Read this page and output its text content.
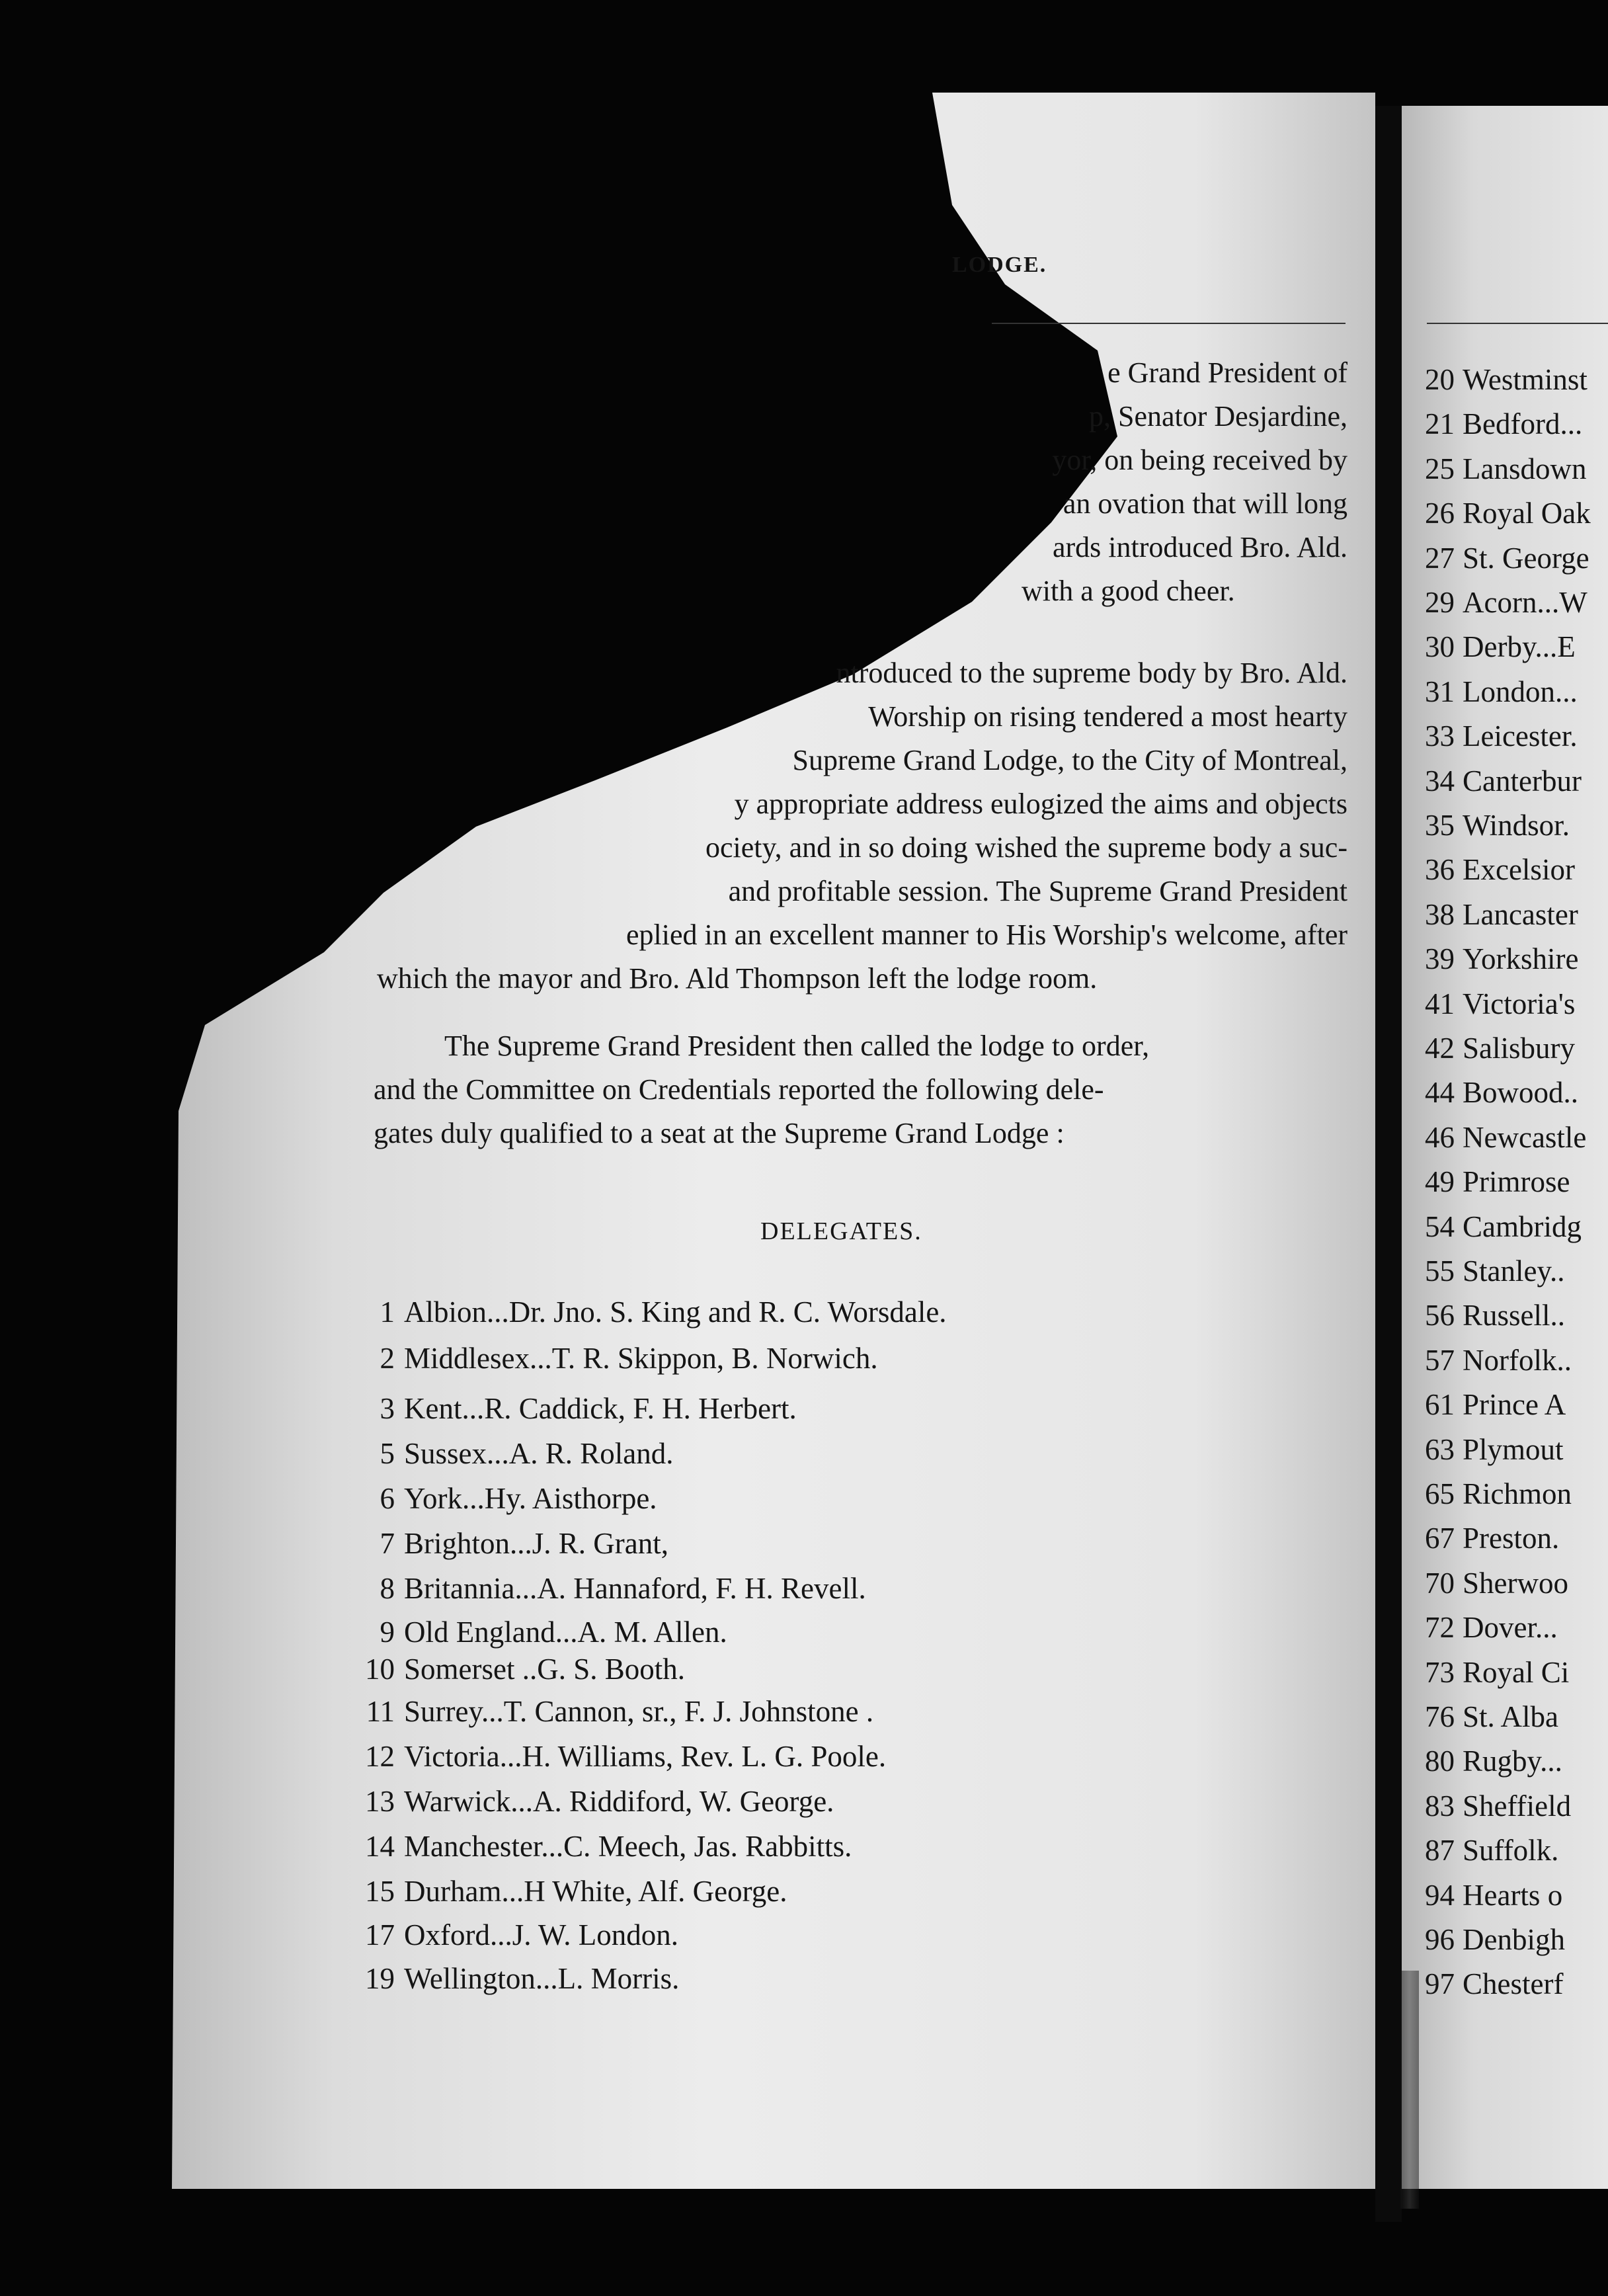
LODGE.

e Grand President of

p, Senator Desjardine,

yor, on being received by

an ovation that will long

ards introduced Bro. Ald.

with a good cheer.

ntroduced to the supreme body by Bro. Ald.

Worship on rising tendered a most hearty

Supreme Grand Lodge, to the City of Montreal,

y appropriate address eulogized the aims and objects

ociety, and in so doing wished the supreme body a suc-

and profitable session. The Supreme Grand President

eplied in an excellent manner to His Worship's welcome, after

which the mayor and Bro. Ald Thompson left the lodge room.

The Supreme Grand President then called the lodge to order,

and the Committee on Credentials reported the following dele-

gates duly qualified to a seat at the Supreme Grand Lodge :

DELEGATES.

1 Albion...Dr. Jno. S. King and R. C. Worsdale.
2 Middlesex...T. R. Skippon, B. Norwich.
3 Kent...R. Caddick, F. H. Herbert.
5 Sussex...A. R. Roland.
6 York...Hy. Aisthorpe.
7 Brighton...J. R. Grant,
8 Britannia...A. Hannaford, F. H. Revell.
9 Old England...A. M. Allen.
10 Somerset ..G. S. Booth.
11 Surrey...T. Cannon, sr., F. J. Johnstone .
12 Victoria...H. Williams, Rev. L. G. Poole.
13 Warwick...A. Riddiford, W. George.
14 Manchester...C. Meech, Jas. Rabbitts.
15 Durham...H White, Alf. George.
17 Oxford...J. W. London.
19 Wellington...L. Morris.
20 Westminst
21 Bedford...
25 Lansdown
26 Royal Oak
27 St. George
29 Acorn...W
30 Derby...E
31 London...
33 Leicester.
34 Canterbur
35 Windsor.
36 Excelsior
38 Lancaster
39 Yorkshire
41 Victoria's
42 Salisbury
44 Bowood..
46 Newcastle
49 Primrose
54 Cambridg
55 Stanley..
56 Russell..
57 Norfolk..
61 Prince A
63 Plymout
65 Richmon
67 Preston.
70 Sherwoo
72 Dover...
73 Royal Ci
76 St. Alba
80 Rugby...
83 Sheffield
87 Suffolk.
94 Hearts o
96 Denbigh
97 Chesterf
